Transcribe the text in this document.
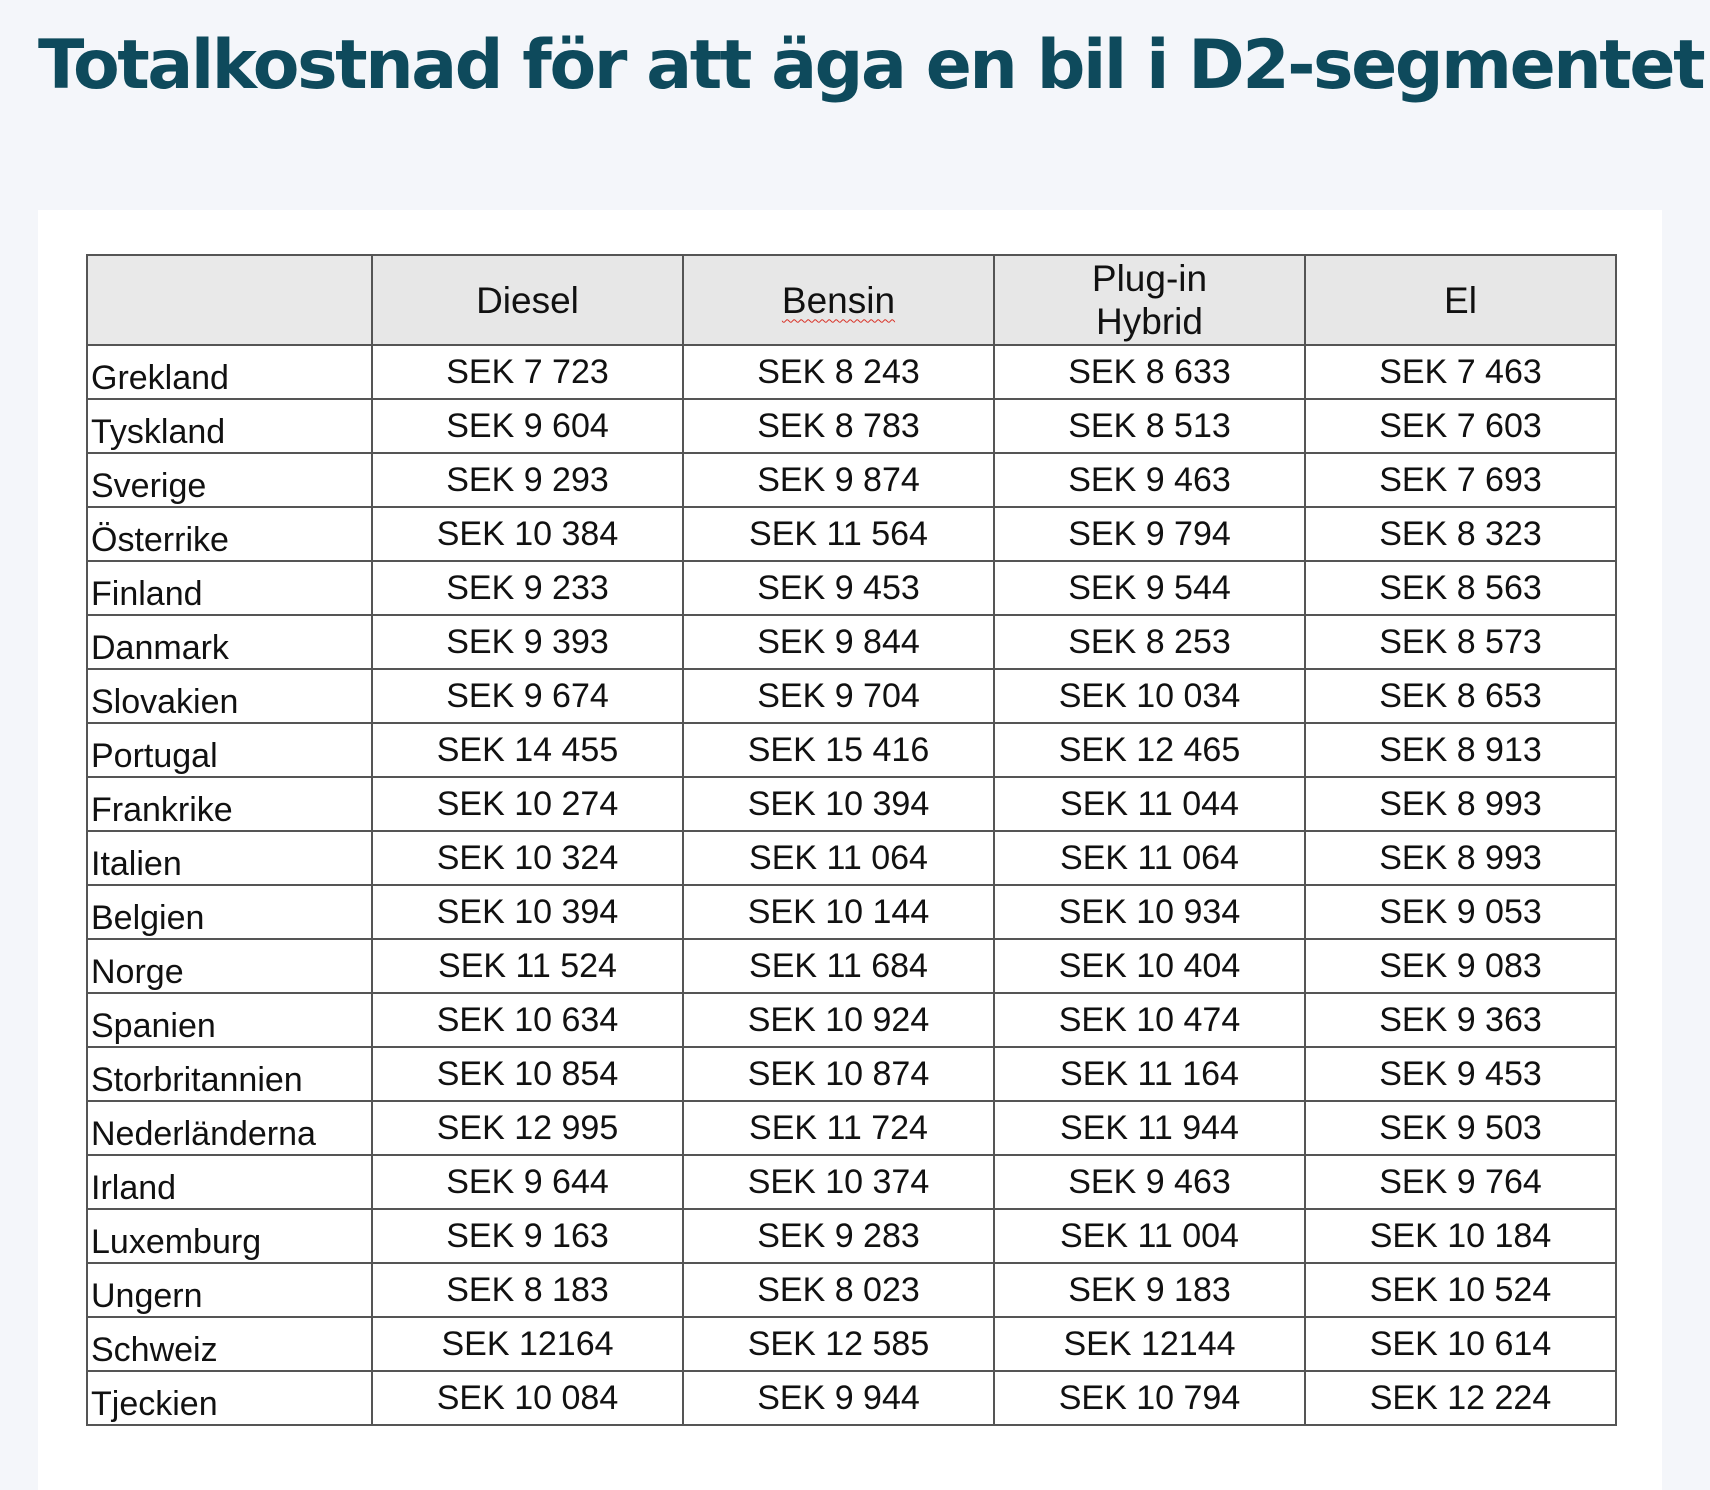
Totalkostnad för att äga en bil i D2-segmentet
	Diesel	Bensin	Plug-in Hybrid	El
Grekland	SEK 7 723	SEK 8 243	SEK 8 633	SEK 7 463
Tyskland	SEK 9 604	SEK 8 783	SEK 8 513	SEK 7 603
Sverige	SEK 9 293	SEK 9 874	SEK 9 463	SEK 7 693
Österrike	SEK 10 384	SEK 11 564	SEK 9 794	SEK 8 323
Finland	SEK 9 233	SEK 9 453	SEK 9 544	SEK 8 563
Danmark	SEK 9 393	SEK 9 844	SEK 8 253	SEK 8 573
Slovakien	SEK 9 674	SEK 9 704	SEK 10 034	SEK 8 653
Portugal	SEK 14 455	SEK 15 416	SEK 12 465	SEK 8 913
Frankrike	SEK 10 274	SEK 10 394	SEK 11 044	SEK 8 993
Italien	SEK 10 324	SEK 11 064	SEK 11 064	SEK 8 993
Belgien	SEK 10 394	SEK 10 144	SEK 10 934	SEK 9 053
Norge	SEK 11 524	SEK 11 684	SEK 10 404	SEK 9 083
Spanien	SEK 10 634	SEK 10 924	SEK 10 474	SEK 9 363
Storbritannien	SEK 10 854	SEK 10 874	SEK 11 164	SEK 9 453
Nederländerna	SEK 12 995	SEK 11 724	SEK 11 944	SEK 9 503
Irland	SEK 9 644	SEK 10 374	SEK 9 463	SEK 9 764
Luxemburg	SEK 9 163	SEK 9 283	SEK 11 004	SEK 10 184
Ungern	SEK 8 183	SEK 8 023	SEK 9 183	SEK 10 524
Schweiz	SEK 12164	SEK 12 585	SEK 12144	SEK 10 614
Tjeckien	SEK 10 084	SEK 9 944	SEK 10 794	SEK 12 224
